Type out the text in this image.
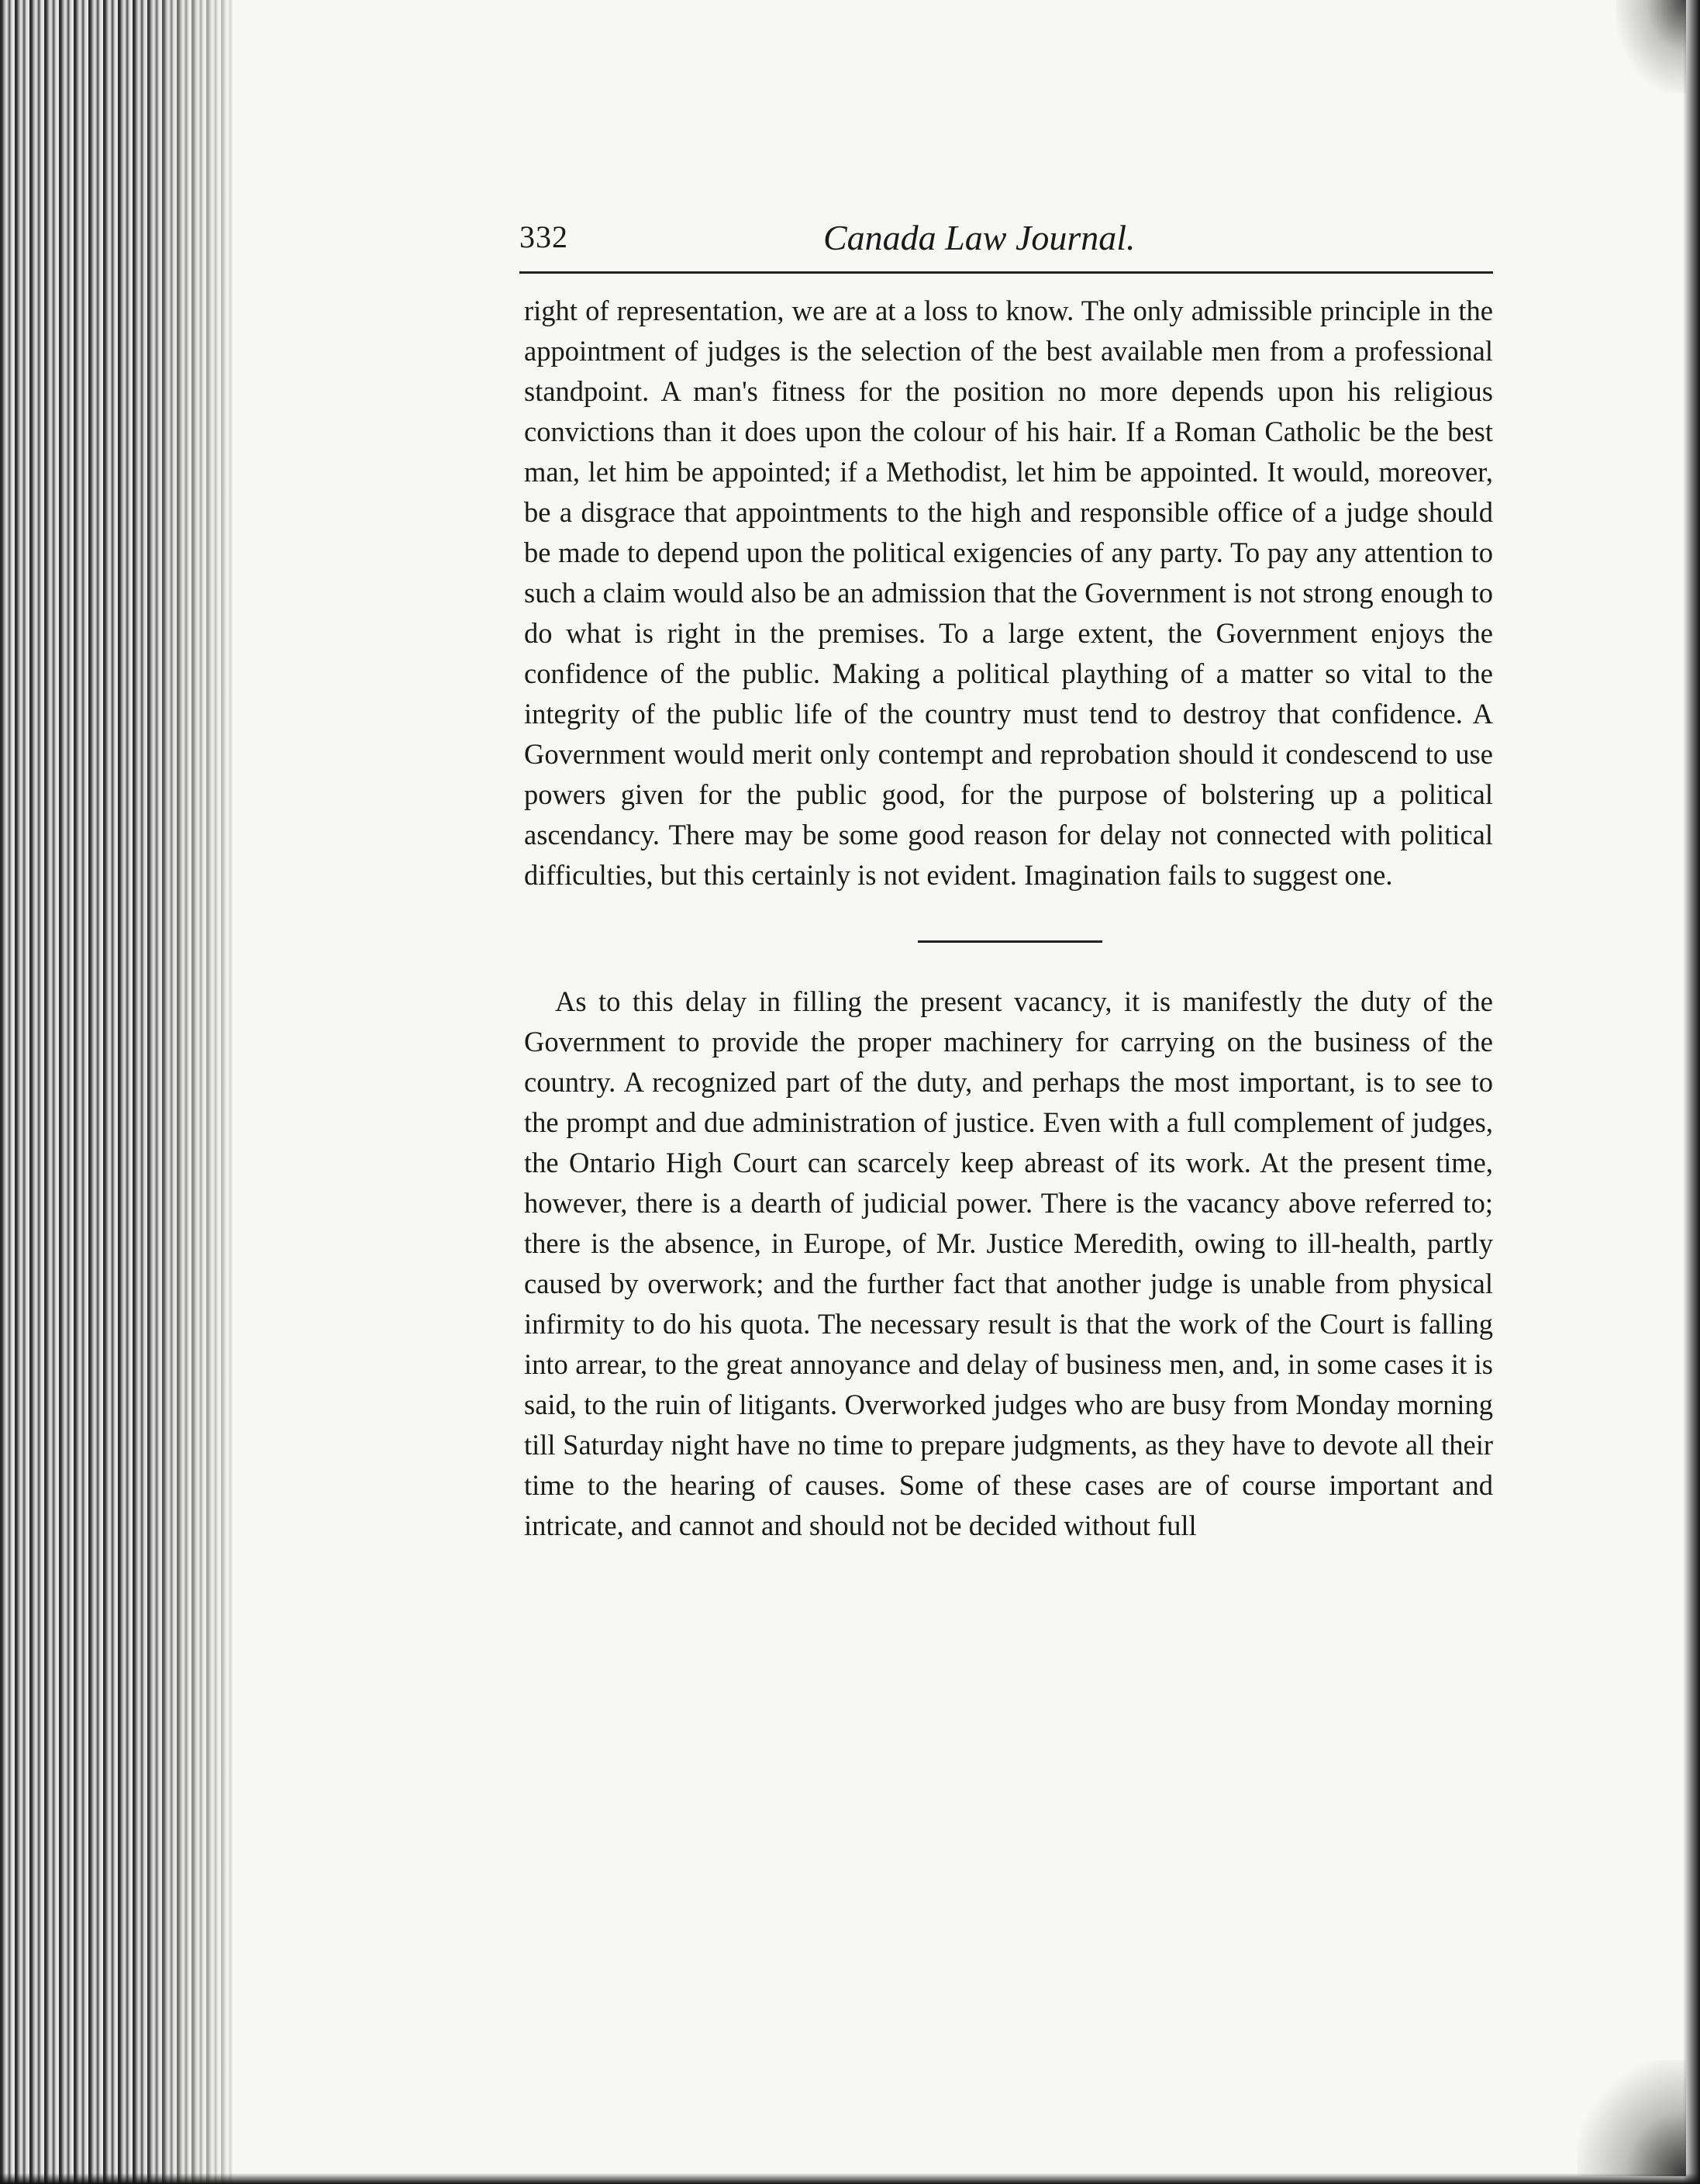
332	Canada Law Journal.

right of representation, we are at a loss to know. The only admissible principle in the appointment of judges is the selection of the best available men from a professional standpoint. A man's fitness for the position no more depends upon his religious convictions than it does upon the colour of his hair. If a Roman Catholic be the best man, let him be appointed; if a Methodist, let him be appointed. It would, moreover, be a disgrace that appointments to the high and responsible office of a judge should be made to depend upon the political exigencies of any party. To pay any attention to such a claim would also be an admission that the Government is not strong enough to do what is right in the premises. To a large extent, the Government enjoys the confidence of the public. Making a political plaything of a matter so vital to the integrity of the public life of the country must tend to destroy that confidence. A Government would merit only contempt and reprobation should it condescend to use powers given for the public good, for the purpose of bolstering up a political ascendancy. There may be some good reason for delay not connected with political difficulties, but this certainly is not evident. Imagination fails to suggest one.

As to this delay in filling the present vacancy, it is manifestly the duty of the Government to provide the proper machinery for carrying on the business of the country. A recognized part of the duty, and perhaps the most important, is to see to the prompt and due administration of justice. Even with a full complement of judges, the Ontario High Court can scarcely keep abreast of its work. At the present time, however, there is a dearth of judicial power. There is the vacancy above referred to; there is the absence, in Europe, of Mr. Justice Meredith, owing to ill-health, partly caused by overwork; and the further fact that another judge is unable from physical infirmity to do his quota. The necessary result is that the work of the Court is falling into arrear, to the great annoyance and delay of business men, and, in some cases it is said, to the ruin of litigants. Overworked judges who are busy from Monday morning till Saturday night have no time to prepare judgments, as they have to devote all their time to the hearing of causes. Some of these cases are of course important and intricate, and cannot and should not be decided without full
